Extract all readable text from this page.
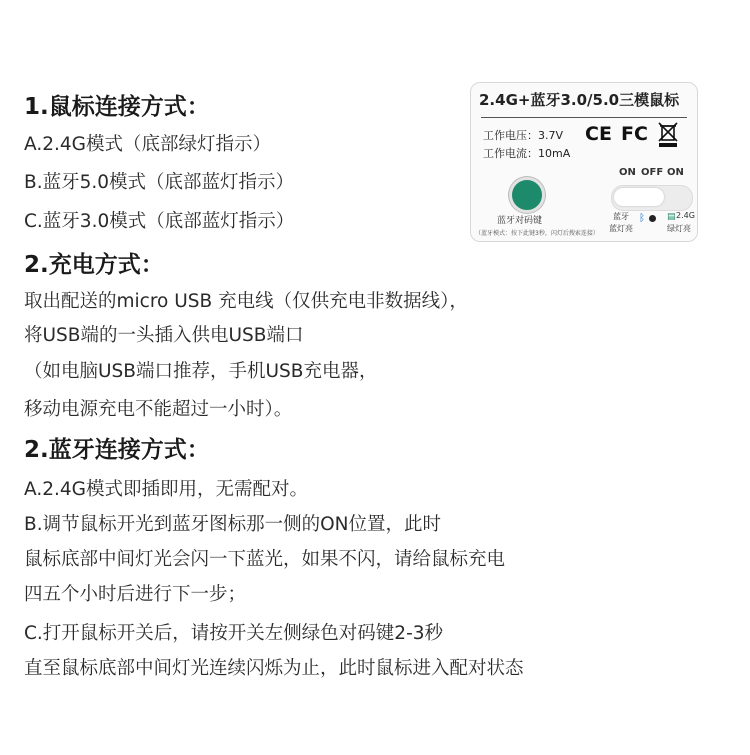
1.鼠标连接方式：
A.2.4G模式（底部绿灯指示）
B.蓝牙5.0模式（底部蓝灯指示）
C.蓝牙3.0模式（底部蓝灯指示）
2.充电方式：
取出配送的micro USB 充电线（仅供充电非数据线），
将USB端的一头插入供电USB端口
（如电脑USB端口推荐，手机USB充电器，
移动电源充电不能超过一小时）。
2.蓝牙连接方式：
A.2.4G模式即插即用，无需配对。
B.调节鼠标开光到蓝牙图标那一侧的ON位置，此时
鼠标底部中间灯光会闪一下蓝光，如果不闪，请给鼠标充电
四五个小时后进行下一步；
C.打开鼠标开关后，请按开关左侧绿色对码键2-3秒
直至鼠标底部中间灯光连续闪烁为止，此时鼠标进入配对状态
2.4G+蓝牙3.0/5.0三模鼠标
工作电压：3.7V
工作电流：10mA
CE FC
ON OFF ON
蓝牙对码键
（蓝牙模式：按下此键3秒，闪灯后搜索连接）
蓝牙
蓝灯亮
ᛒ ▤ 2.4G
绿灯亮
